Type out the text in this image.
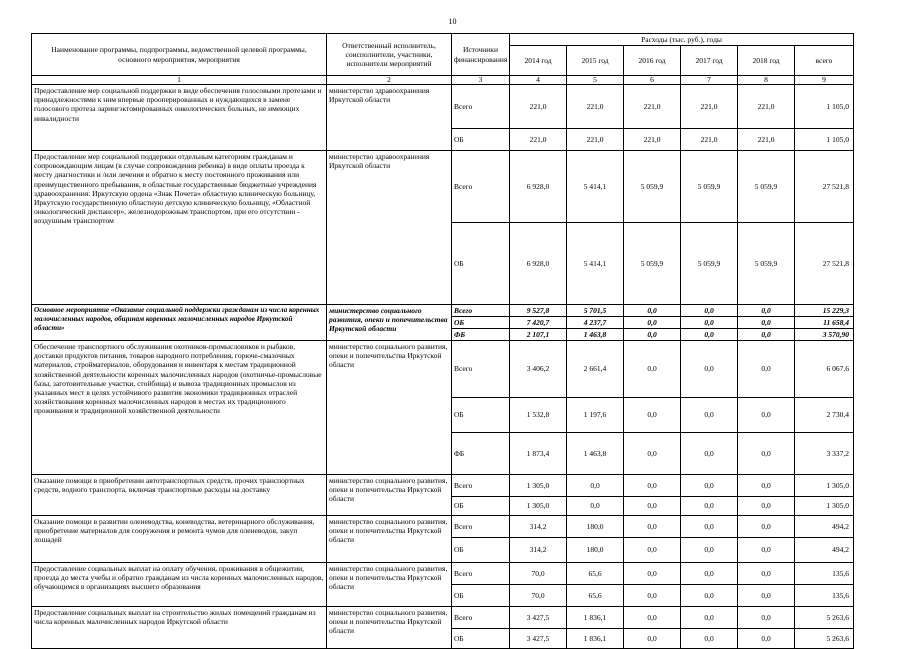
10
Наименование программы, подпрограммы, ведомственной целевой программы, основного мероприятия, мероприятия	Ответственный исполнитель, соисполнители, участники, исполнители мероприятий	Источники финансирования	Расходы (тыс. руб.), годы					
			2014 год	2015 год	2016 год	2017 год	2018 год	всего
1	2	3	4	5	6	7	8	9
Предоставление мер социальной поддержки в виде обеспечения голосовыми протезами и принадлежностями к ним впервые прооперированных и нуждающихся в замене голосового протеза ларингэктомированных онкологических больных, не имеющих инвалидности	министерство здравоохранения Иркутской области	Всего	221,0	221,0	221,0	221,0	221,0	1 105,0
		ОБ	221,0	221,0	221,0	221,0	221,0	1 105,0
Предоставление мер социальной поддержки отдельным категориям гражданам и сопровождающим лицам (в случае сопровождения ребенка) в виде оплаты проезда к месту диагностики и /или лечения и обратно к месту постоянного проживания или преимущественного пребывания, в областные государственные бюджетные учреждения здравоохранения: Иркутскую ордена «Знак Почета» областную клиническую больницу, Иркутскую государственную областную детскую клиническую больницу, «Областной онкологический диспансер», железнодорожным транспортом, при его отсутствии - воздушным транспортом	министерство здравоохранения Иркутской области	Всего	6 928,0	5 414,1	5 059,9	5 059,9	5 059,9	27 521,8
		ОБ	6 928,0	5 414,1	5 059,9	5 059,9	5 059,9	27 521,8
Основное мероприятие «Оказание социальной поддержки гражданам из числа коренных малочисленных народов, общинам коренных малочисленных народов Иркутской области»	министерство социального развития, опеки и попечительства Иркутской области	Всего	9 527,8	5 701,5	0,0	0,0	0,0	15 229,3
		ОБ	7 420,7	4 237,7	0,0	0,0	0,0	11 658,4
		ФБ	2 107,1	1 463,8	0,0	0,0	0,0	3 570,90
Обеспечение транспортного обслуживания охотников-промысловиков и рыбаков, доставки продуктов питания, товаров народного потребления, горюче-смазочных материалов, стройматериалов, оборудования и инвентаря к местам традиционной хозяйственной деятельности коренных малочисленных народов (охотничье-промысловые базы, заготовительные участки, стойбища) и вывоза традиционных промыслов из указанных мест в целях устойчивого развития экономики традиционных отраслей хозяйствования коренных малочисленных народов в местах их традиционного проживания и традиционной хозяйственной деятельности	министерство социального развития, опеки и попечительства Иркутской области	Всего	3 406,2	2 661,4	0,0	0,0	0,0	6 067,6
		ОБ	1 532,8	1 197,6	0,0	0,0	0,0	2 730,4
		ФБ	1 873,4	1 463,8	0,0	0,0	0,0	3 337,2
Оказание помощи в приобретении автотранспортных средств, прочих транспортных средств, водного транспорта, включая транспортные расходы на доставку	министерство социального развития, опеки и попечительства Иркутской области	Всего	1 305,0	0,0	0,0	0,0	0,0	1 305,0
		ОБ	1 305,0	0,0	0,0	0,0	0,0	1 305,0
Оказание помощи в развитии оленеводства, коневодства, ветеринарного обслуживания, приобретение материалов для сооружения и ремонта чумов для оленеводов, закуп лошадей	министерство социального развития, опеки и попечительства Иркутской области	Всего	314,2	180,0	0,0	0,0	0,0	494,2
		ОБ	314,2	180,0	0,0	0,0	0,0	494,2
Предоставление социальных выплат на оплату обучения, проживания в общежитии, проезда до места учебы и обратно гражданам из числа коренных малочисленных народов, обучающимся в организациях высшего образования	министерство социального развития, опеки и попечительства Иркутской области	Всего	70,0	65,6	0,0	0,0	0,0	135,6
		ОБ	70,0	65,6	0,0	0,0	0,0	135,6
Предоставление социальных выплат на строительство жилых помещений гражданам из числа коренных малочисленных народов Иркутской области	министерство социального развития, опеки и попечительства Иркутской области	Всего	3 427,5	1 836,1	0,0	0,0	0,0	5 263,6
		ОБ	3 427,5	1 836,1	0,0	0,0	0,0	5 263,6
